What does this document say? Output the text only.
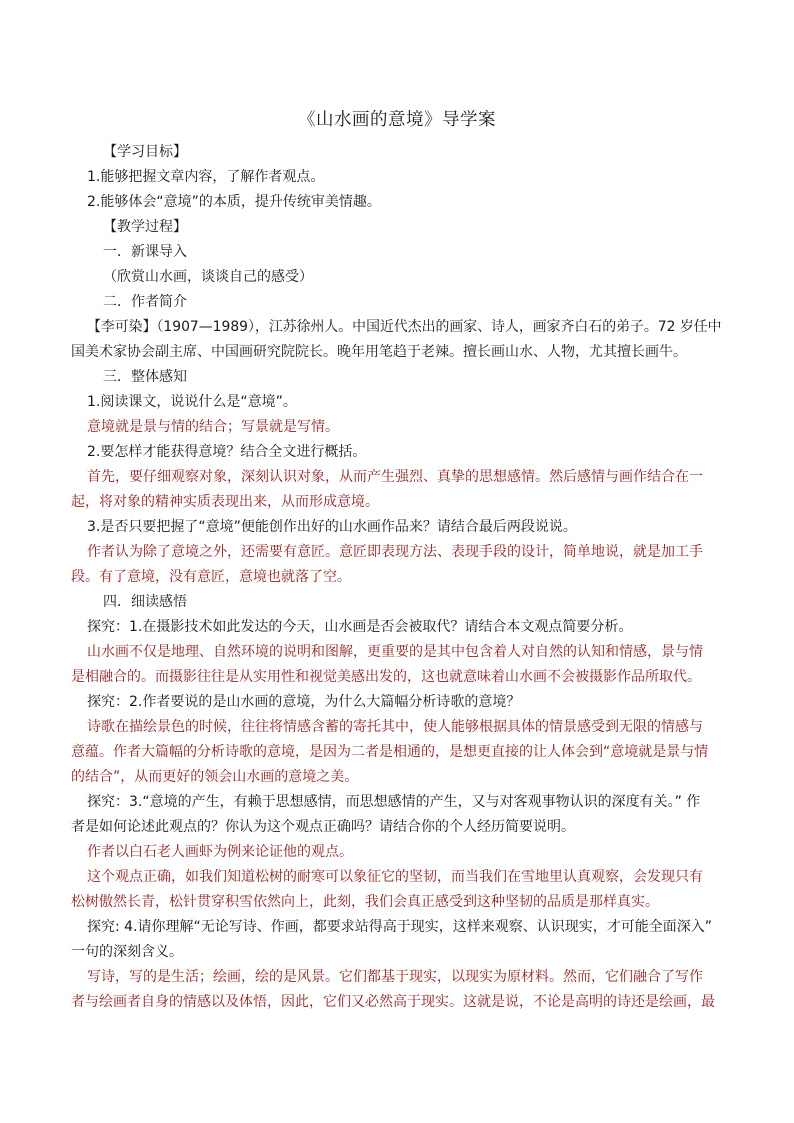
《山水画的意境》导学案
【学习目标】
1.能够把握文章内容，了解作者观点。
2.能够体会“意境”的本质，提升传统审美情趣。
【教学过程】
一．新课导入
（欣赏山水画，谈谈自己的感受）
二．作者简介
【李可染】（1907—1989），江苏徐州人。中国近代杰出的画家、诗人，画家齐白石的弟子。72 岁任中
国美术家协会副主席、中国画研究院院长。晚年用笔趋于老辣。擅长画山水、人物，尤其擅长画牛。
三．整体感知
1.阅读课文，说说什么是“意境”。
意境就是景与情的结合；写景就是写情。
2.要怎样才能获得意境？结合全文进行概括。
首先，要仔细观察对象，深刻认识对象，从而产生强烈、真挚的思想感情。然后感情与画作结合在一
起，将对象的精神实质表现出来，从而形成意境。
3.是否只要把握了“意境”便能创作出好的山水画作品来？请结合最后两段说说。
作者认为除了意境之外，还需要有意匠。意匠即表现方法、表现手段的设计，简单地说，就是加工手
段。有了意境，没有意匠，意境也就落了空。
四．细读感悟
探究：1.在摄影技术如此发达的今天，山水画是否会被取代？请结合本文观点简要分析。
山水画不仅是地理、自然环境的说明和图解，更重要的是其中包含着人对自然的认知和情感，景与情
是相融合的。而摄影往往是从实用性和视觉美感出发的，这也就意味着山水画不会被摄影作品所取代。
探究：2.作者要说的是山水画的意境，为什么大篇幅分析诗歌的意境？
诗歌在描绘景色的时候，往往将情感含蓄的寄托其中，使人能够根据具体的情景感受到无限的情感与
意蕴。作者大篇幅的分析诗歌的意境，是因为二者是相通的，是想更直接的让人体会到“意境就是景与情
的结合”，从而更好的领会山水画的意境之美。
探究：3.“意境的产生，有赖于思想感情，而思想感情的产生，又与对客观事物认识的深度有关。” 作
者是如何论述此观点的？你认为这个观点正确吗？请结合你的个人经历简要说明。
作者以白石老人画虾为例来论证他的观点。
这个观点正确，如我们知道松树的耐寒可以象征它的坚韧，而当我们在雪地里认真观察，会发现只有
松树傲然长青，松针贯穿积雪依然向上，此刻，我们会真正感受到这种坚韧的品质是那样真实。
探究: 4.请你理解“无论写诗、作画，都要求站得高于现实，这样来观察、认识现实，才可能全面深入”
一句的深刻含义。
写诗，写的是生活；绘画，绘的是风景。它们都基于现实，以现实为原材料。然而，它们融合了写作
者与绘画者自身的情感以及体悟，因此，它们又必然高于现实。这就是说，不论是高明的诗还是绘画，最
